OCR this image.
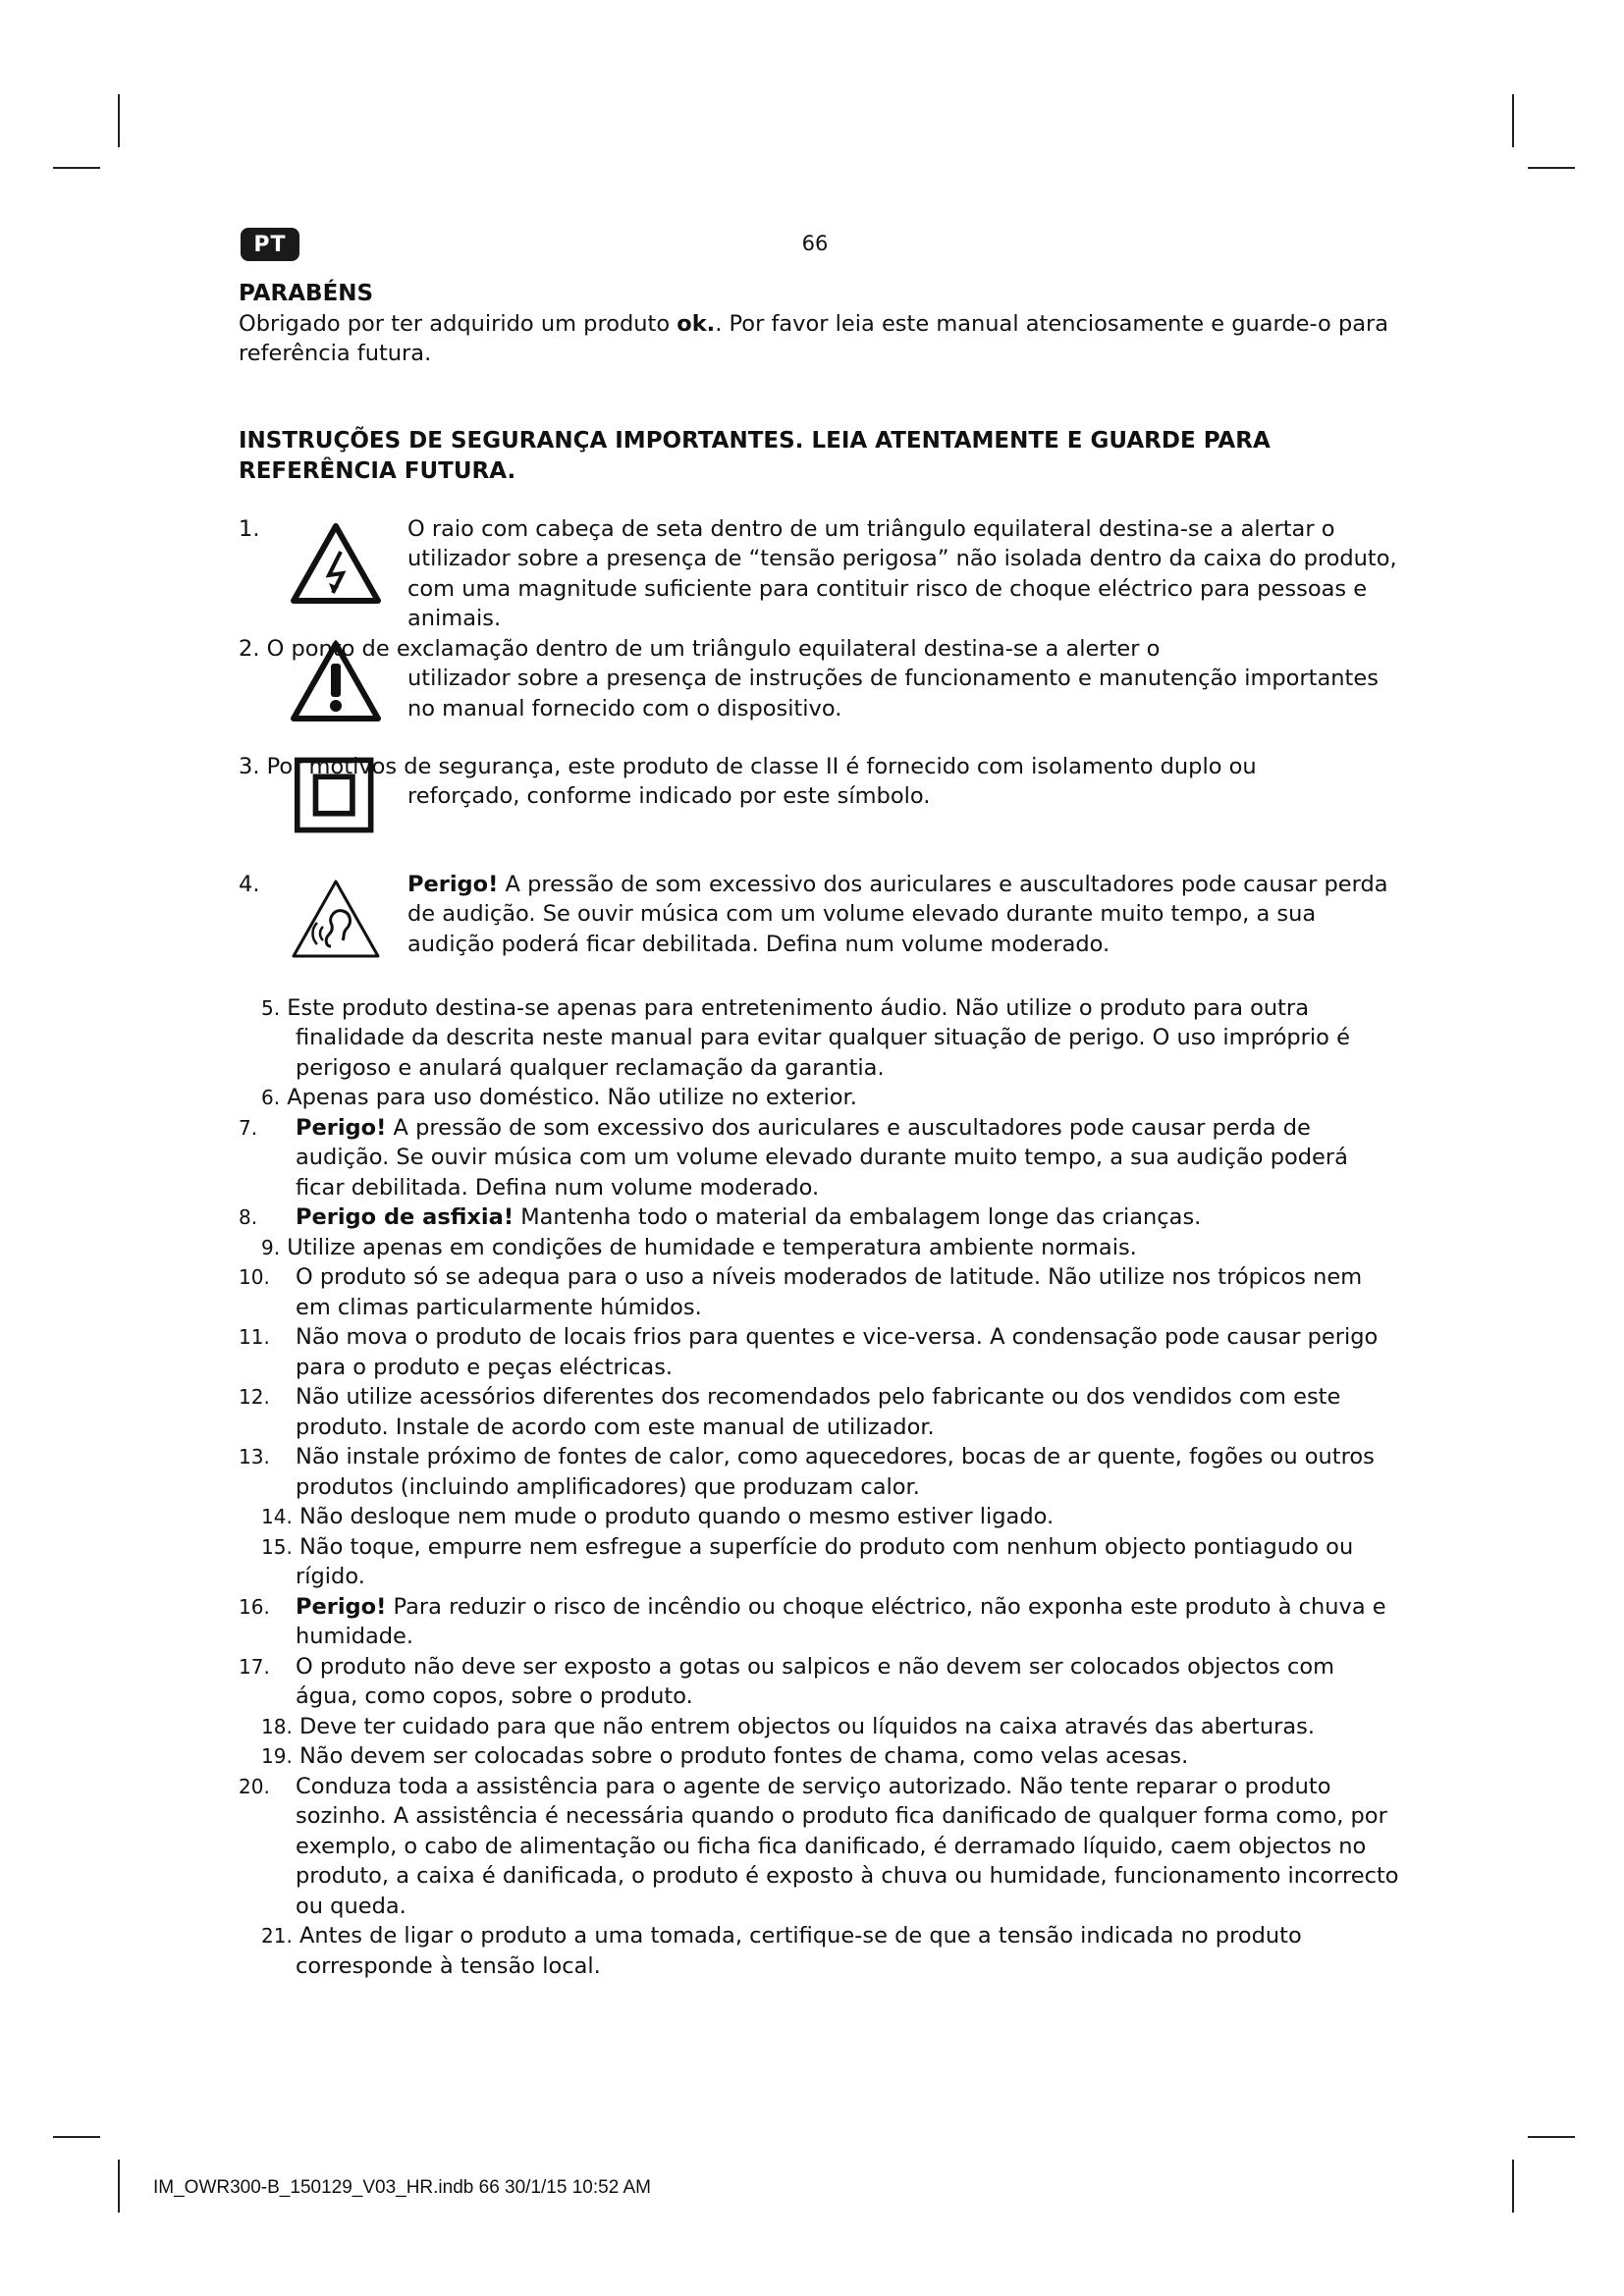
PT	66

PARABÉNS

Obrigado por ter adquirido um produto ok.. Por favor leia este manual atenciosamente e guarde-o para referência futura.

INSTRUÇÕES DE SEGURANÇA IMPORTANTES. LEIA ATENTAMENTE E GUARDE PARA REFERÊNCIA FUTURA.

1.	O raio com cabeça de seta dentro de um triângulo equilateral destina-se a alertar o utilizador sobre a presença de “tensão perigosa” não isolada dentro da caixa do produto, com uma magnitude suficiente para contituir risco de choque eléctrico para pessoas e animais.
2. O ponto de exclamação dentro de um triângulo equilateral destina-se a alerter o
utilizador sobre a presença de instruções de funcionamento e manutenção importantes no manual fornecido com o dispositivo.
3. Por motivos de segurança, este produto de classe II é fornecido com isolamento duplo ou
reforçado, conforme indicado por este símbolo.
4.	Perigo! A pressão de som excessivo dos auriculares e auscultadores pode causar perda de audição. Se ouvir música com um volume elevado durante muito tempo, a sua audição poderá ficar debilitada. Defina num volume moderado.
5. Este produto destina-se apenas para entretenimento áudio. Não utilize o produto para outra finalidade da descrita neste manual para evitar qualquer situação de perigo. O uso impróprio é perigoso e anulará qualquer reclamação da garantia.
6. Apenas para uso doméstico. Não utilize no exterior.
7.	Perigo! A pressão de som excessivo dos auriculares e auscultadores pode causar perda de audição. Se ouvir música com um volume elevado durante muito tempo, a sua audição poderá ficar debilitada. Defina num volume moderado.
8.	Perigo de asfixia! Mantenha todo o material da embalagem longe das crianças.
9. Utilize apenas em condições de humidade e temperatura ambiente normais.
10.	O produto só se adequa para o uso a níveis moderados de latitude. Não utilize nos trópicos nem em climas particularmente húmidos.
11.	Não mova o produto de locais frios para quentes e vice-versa. A condensação pode causar perigo para o produto e peças eléctricas.
12.	Não utilize acessórios diferentes dos recomendados pelo fabricante ou dos vendidos com este produto. Instale de acordo com este manual de utilizador.
13.	Não instale próximo de fontes de calor, como aquecedores, bocas de ar quente, fogões ou outros produtos (incluindo amplificadores) que produzam calor.
14. Não desloque nem mude o produto quando o mesmo estiver ligado.
15. Não toque, empurre nem esfregue a superfície do produto com nenhum objecto pontiagudo ou rígido.
16.	Perigo! Para reduzir o risco de incêndio ou choque eléctrico, não exponha este produto à chuva e humidade.
17.	O produto não deve ser exposto a gotas ou salpicos e não devem ser colocados objectos com água, como copos, sobre o produto.
18. Deve ter cuidado para que não entrem objectos ou líquidos na caixa através das aberturas.
19. Não devem ser colocadas sobre o produto fontes de chama, como velas acesas.
20.	Conduza toda a assistência para o agente de serviço autorizado. Não tente reparar o produto sozinho. A assistência é necessária quando o produto fica danificado de qualquer forma como, por exemplo, o cabo de alimentação ou ficha fica danificado, é derramado líquido, caem objectos no produto, a caixa é danificada, o produto é exposto à chuva ou humidade, funcionamento incorrecto ou queda.
21. Antes de ligar o produto a uma tomada, certifique-se de que a tensão indicada no produto corresponde à tensão local.
IM_OWR300-B_150129_V03_HR.indb 66 30/1/15 10:52 AM
